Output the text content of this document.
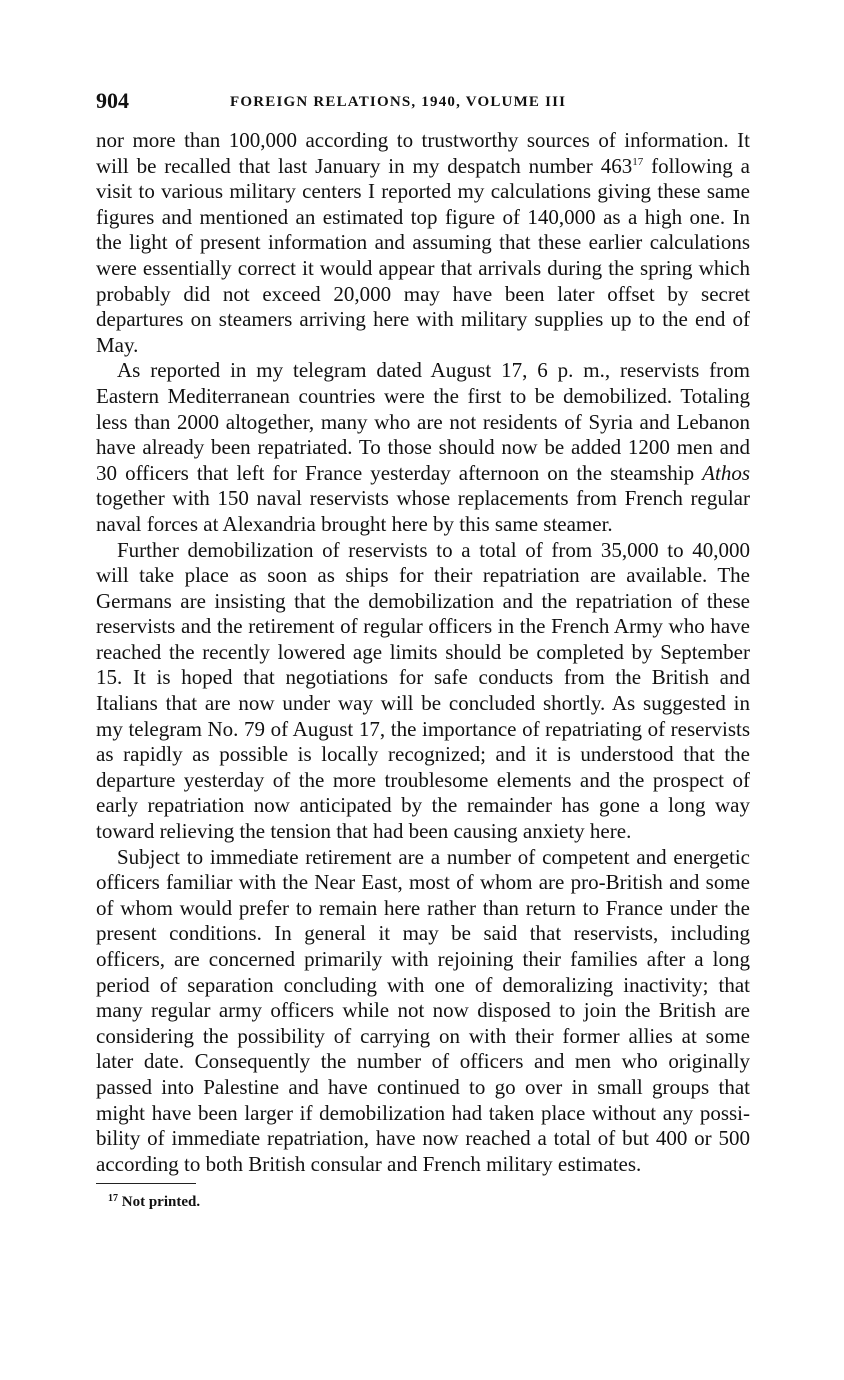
904	FOREIGN RELATIONS, 1940, VOLUME III

nor more than 100,000 according to trustworthy sources of information. It will be recalled that last January in my despatch number 463$^{17}$ following a visit to various military centers I reported my calculations giving these same figures and mentioned an estimated top figure of 140,000 as a high one. In the light of present information and assuming that these earlier calculations were essentially correct it would appear that arrivals during the spring which probably did not exceed 20,000 may have been later offset by secret departures on steamers arriving here with military supplies up to the end of May.

As reported in my telegram dated August 17, 6 p. m., reservists from Eastern Mediterranean countries were the first to be demobilized. Totaling less than 2000 altogether, many who are not residents of Syria and Lebanon have already been repatriated. To those should now be added 1200 men and 30 officers that left for France yesterday afternoon on the steamship Athos together with 150 naval reservists whose replacements from French regular naval forces at Alexandria brought here by this same steamer.

Further demobilization of reservists to a total of from 35,000 to 40,000 will take place as soon as ships for their repatriation are available. The Germans are insisting that the demobilization and the repatriation of these reservists and the retirement of regular officers in the French Army who have reached the recently lowered age limits should be completed by September 15. It is hoped that negotiations for safe conducts from the British and Italians that are now under way will be concluded shortly. As suggested in my telegram No. 79 of August 17, the importance of repatriating of reservists as rapidly as possible is locally recognized; and it is understood that the departure yesterday of the more troublesome elements and the prospect of early repatriation now anticipated by the remainder has gone a long way toward relieving the tension that had been causing anxiety here.

Subject to immediate retirement are a number of competent and energetic officers familiar with the Near East, most of whom are pro-British and some of whom would prefer to remain here rather than return to France under the present conditions. In general it may be said that reservists, including officers, are concerned primarily with rejoining their families after a long period of separation concluding with one of demoralizing inactivity; that many regular army officers while not now disposed to join the British are considering the possibility of carrying on with their former allies at some later date. Consequently the number of officers and men who originally passed into Palestine and have continued to go over in small groups that might have been larger if demobilization had taken place without any possibility of immediate repatriation, have now reached a total of but 400 or 500 according to both British consular and French military estimates.

$^{17}$ Not printed.
